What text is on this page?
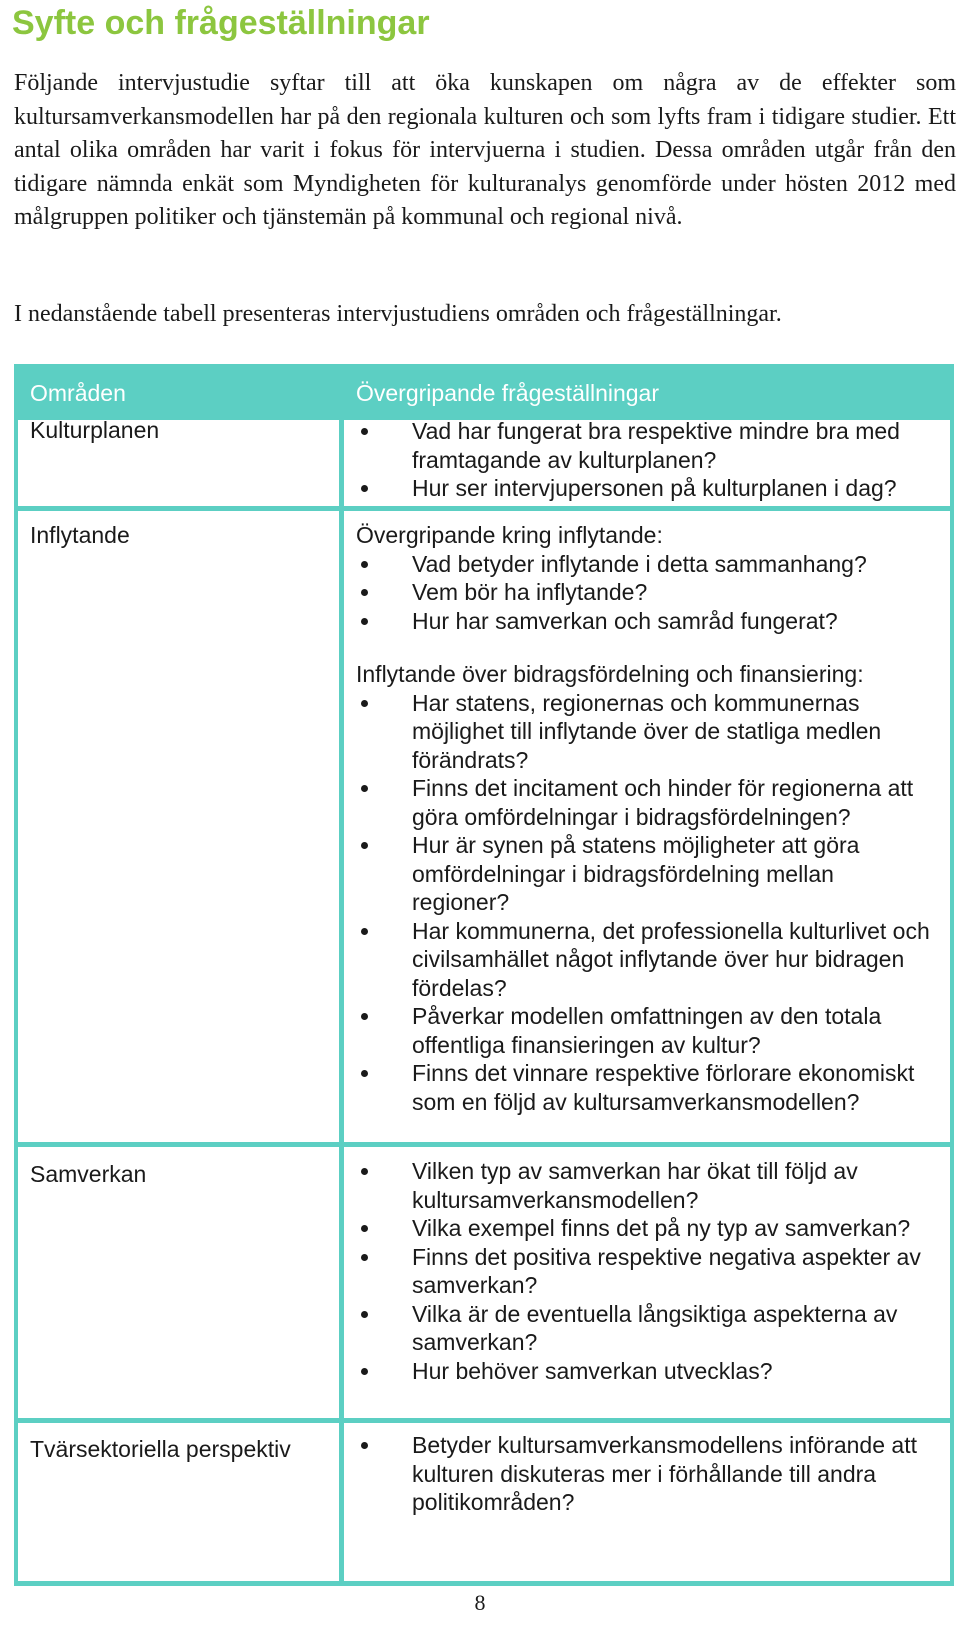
Syfte och frågeställningar

Följande intervjustudie syftar till att öka kunskapen om några av de effekter som kultursamverkansmodellen har på den regionala kulturen och som lyfts fram i tidigare studier. Ett antal olika områden har varit i fokus för intervjuerna i studien. Dessa områden utgår från den tidigare nämnda enkät som Myndigheten för kulturanalys genomförde under hösten 2012 med målgruppen politiker och tjänstemän på kommunal och regional nivå.

I nedanstående tabell presenteras intervjustudiens områden och frågeställningar.

Områden	Övergripande frågeställningar
Kulturplanen	Vad har fungerat bra respektive mindre bra med framtagande av kulturplanen?
Hur ser intervjupersonen på kulturplanen i dag?
Inflytande	Övergripande kring inflytande:

Vad betyder inflytande i detta sammanhang?
Vem bör ha inflytande?
Hur har samverkan och samråd fungerat?

Inflytande över bidragsfördelning och finansiering:

Har statens, regionernas och kommunernas möjlighet till inflytande över de statliga medlen förändrats?
Finns det incitament och hinder för regionerna att göra omfördelningar i bidragsfördelningen?
Hur är synen på statens möjligheter att göra omfördelningar i bidragsfördelning mellan regioner?
Har kommunerna, det professionella kulturlivet och civilsamhället något inflytande över hur bidragen fördelas?
Påverkar modellen omfattningen av den totala offentliga finansieringen av kultur?
Finns det vinnare respektive förlorare ekonomiskt som en följd av kultursamverkansmodellen?
Samverkan	Vilken typ av samverkan har ökat till följd av kultursamverkansmodellen?
Vilka exempel finns det på ny typ av samverkan?
Finns det positiva respektive negativa aspekter av samverkan?
Vilka är de eventuella långsiktiga aspekterna av samverkan?
Hur behöver samverkan utvecklas?
Tvärsektoriella perspektiv	Betyder kultursamverkansmodellens införande att kulturen diskuteras mer i förhållande till andra politikområden?
8
